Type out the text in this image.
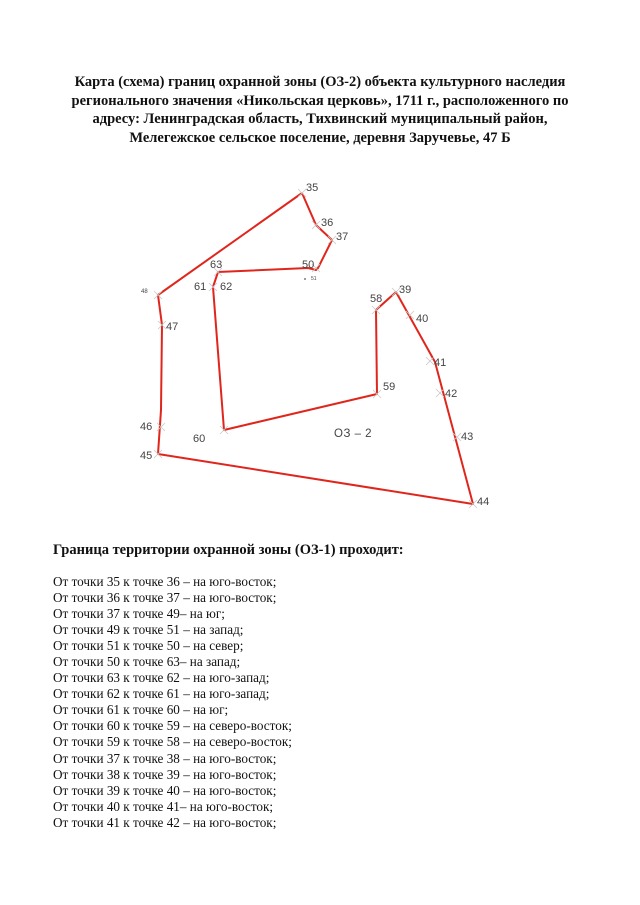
Карта (схема) границ охранной зоны (ОЗ-2) объекта культурного наследия
регионального значения «Никольская церковь», 1711 г., расположенного по
адресу: Ленинградская область, Тихвинский муниципальный район,
Мелегежское сельское поселение, деревня Заручевье, 47 Б
35
36
37
50
51
63
61 62
48
47
58
39
40
41
42
43
44
59
60
46
45
ОЗ – 2
Граница территории охранной зоны (ОЗ-1) проходит:
От точки 35 к точке 36 – на юго-восток;
От точки 36 к точке 37 – на юго-восток;
От точки 37 к точке 49– на юг;
От точки 49 к точке 51 – на запад;
От точки 51 к точке 50 – на север;
От точки 50 к точке 63– на запад;
От точки 63 к точке 62 – на юго-запад;
От точки 62 к точке 61 – на юго-запад;
От точки 61 к точке 60 – на юг;
От точки 60 к точке 59 – на северо-восток;
От точки 59 к точке 58 – на северо-восток;
От точки 37 к точке 38 – на юго-восток;
От точки 38 к точке 39 – на юго-восток;
От точки 39 к точке 40 – на юго-восток;
От точки 40 к точке 41– на юго-восток;
От точки 41 к точке 42 – на юго-восток;
